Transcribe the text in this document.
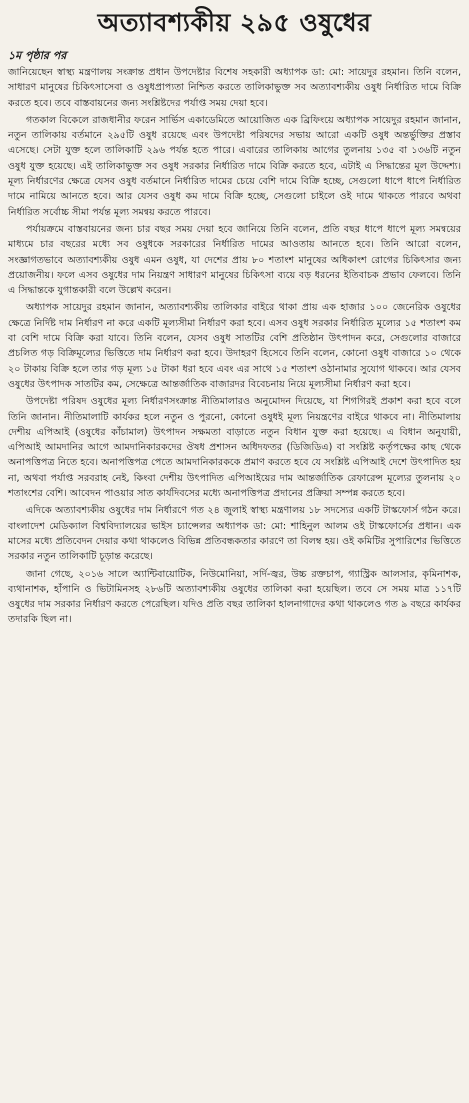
অত্যাবশ্যকীয় ২৯৫ ওষুধের
১ম পৃষ্ঠার পর

জানিয়েছেন স্বাস্থ্য মন্ত্রণালয় সংক্রান্ত প্রধান উপদেষ্টার বিশেষ সহকারী অধ্যাপক ডা: মো: সায়েদুর রহমান। তিনি বলেন, সাধারণ মানুষের চিকিৎসাসেবা ও ওষুধপ্রাপ্যতা নিশ্চিত করতে তালিকাভুক্ত সব অত্যাবশ্যকীয় ওষুধ নির্ধারিত দামে বিক্রি করতে হবে। তবে বাস্তবায়নের জন্য সংশ্লিষ্টদের পর্যাপ্ত সময় দেয়া হবে।

গতকাল বিকেলে রাজধানীর ফরেন সার্ভিস একাডেমিতে আয়োজিত এক ব্রিফিংয়ে অধ্যাপক সায়েদুর রহমান জানান, নতুন তালিকায় বর্তমানে ২৯৫টি ওষুধ রয়েছে এবং উপদেষ্টা পরিষদের সভায় আরো একটি ওষুধ অন্তর্ভুক্তির প্রস্তাব এসেছে। সেটা যুক্ত হলে তালিকাটি ২৯৬ পর্যন্ত হতে পারে। এবারের তালিকায় আগের তুলনায় ১৩৫ বা ১৩৬টি নতুন ওষুধ যুক্ত হয়েছে। এই তালিকাভুক্ত সব ওষুধ সরকার নির্ধারিত দামে বিক্রি করতে হবে, এটাই এ সিদ্ধান্তের মূল উদ্দেশ্য। মূল্য নির্ধারণের ক্ষেত্রে যেসব ওষুধ বর্তমানে নির্ধারিত দামের চেয়ে বেশি দামে বিক্রি হচ্ছে, সেগুলো ধাপে ধাপে নির্ধারিত দামে নামিয়ে আনতে হবে। আর যেসব ওষুধ কম দামে বিক্রি হচ্ছে, সেগুলো চাইলে ওই দামে থাকতে পারবে অথবা নির্ধারিত সর্বোচ্চ সীমা পর্যন্ত মূল্য সমন্বয় করতে পারবে।

পর্যায়ক্রমে বাস্তবায়নের জন্য চার বছর সময় দেয়া হবে জানিয়ে তিনি বলেন, প্রতি বছর ধাপে ধাপে মূল্য সমন্বয়ের মাধ্যমে চার বছরের মধ্যে সব ওষুধকে সরকারের নির্ধারিত দামের আওতায় আনতে হবে। তিনি আরো বলেন, সংজ্ঞাগতভাবে অত্যাবশ্যকীয় ওষুধ এমন ওষুধ, যা দেশের প্রায় ৮০ শতাংশ মানুষের অধিকাংশ রোগের চিকিৎসার জন্য প্রয়োজনীয়। ফলে এসব ওষুধের দাম নিয়ন্ত্রণ সাধারণ মানুষের চিকিৎসা ব্যয়ে বড় ধরনের ইতিবাচক প্রভাব ফেলবে। তিনি এ সিদ্ধান্তকে যুগান্তকারী বলে উল্লেখ করেন।

অধ্যাপক সায়েদুর রহমান জানান, অত্যাবশ্যকীয় তালিকার বাইরে থাকা প্রায় এক হাজার ১০০ জেনেরিক ওষুধের ক্ষেত্রে নির্দিষ্ট দাম নির্ধারণ না করে একটি মূল্যসীমা নির্ধারণ করা হবে। এসব ওষুধ সরকার নির্ধারিত মূল্যের ১৫ শতাংশ কম বা বেশি দামে বিক্রি করা যাবে। তিনি বলেন, যেসব ওষুধ সাতটির বেশি প্রতিষ্ঠান উৎপাদন করে, সেগুলোর বাজারে প্রচলিত গড় বিক্রিমূল্যের ভিত্তিতে দাম নির্ধারণ করা হবে। উদাহরণ হিসেবে তিনি বলেন, কোনো ওষুধ বাজারে ১০ থেকে ২০ টাকায় বিক্রি হলে তার গড় মূল্য ১৫ টাকা ধরা হবে এবং এর সাথে ১৫ শতাংশ ওঠানামার সুযোগ থাকবে। আর যেসব ওষুধের উৎপাদক সাতটির কম, সেক্ষেত্রে আন্তর্জাতিক বাজারদর বিবেচনায় নিয়ে মূল্যসীমা নির্ধারণ করা হবে।

উপদেষ্টা পরিষদ ওষুধের মূল্য নির্ধারণসংক্রান্ত নীতিমালারও অনুমোদন দিয়েছে, যা শিগগিরই প্রকাশ করা হবে বলে তিনি জানান। নীতিমালাটি কার্যকর হলে নতুন ও পুরনো, কোনো ওষুধই মূল্য নিয়ন্ত্রণের বাইরে থাকবে না। নীতিমালায় দেশীয় এপিআই (ওষুধের কাঁচামাল) উৎপাদন সক্ষমতা বাড়াতে নতুন বিধান যুক্ত করা হয়েছে। এ বিধান অনুযায়ী, এপিআই আমদানির আগে আমদানিকারকদের ঔষধ প্রশাসন অধিদফতর (ডিজিডিএ) বা সংশ্লিষ্ট কর্তৃপক্ষের কাছ থেকে অনাপত্তিপত্র নিতে হবে। অনাপত্তিপত্র পেতে আমদানিকারককে প্রমাণ করতে হবে যে সংশ্লিষ্ট এপিআই দেশে উৎপাদিত হয় না, অথবা পর্যাপ্ত সরবরাহ নেই, কিংবা দেশীয় উৎপাদিত এপিআইয়ের দাম আন্তর্জাতিক রেফারেন্স মূল্যের তুলনায় ২০ শতাংশের বেশি। আবেদন পাওয়ার সাত কার্যদিবসের মধ্যে অনাপত্তিপত্র প্রদানের প্রক্রিয়া সম্পন্ন করতে হবে।

এদিকে অত্যাবশ্যকীয় ওষুধের দাম নির্ধারণে গত ২৪ জুলাই স্বাস্থ্য মন্ত্রণালয় ১৮ সদস্যের একটি টাস্কফোর্স গঠন করে। বাংলাদেশ মেডিক্যাল বিশ্ববিদ্যালয়ের ভাইস চ্যান্সেলর অধ্যাপক ডা: মো: শাহিনুল আলম ওই টাস্কফোর্সের প্রধান। এক মাসের মধ্যে প্রতিবেদন দেয়ার কথা থাকলেও বিভিন্ন প্রতিবন্ধকতার কারণে তা বিলম্ব হয়। ওই কমিটির সুপারিশের ভিত্তিতে সরকার নতুন তালিকাটি চূড়ান্ত করেছে।

জানা গেছে, ২০১৬ সালে অ্যান্টিবায়োটিক, নিউমোনিয়া, সর্দি-জ্বর, উচ্চ রক্তচাপ, গ্যাস্ট্রিক আলসার, কৃমিনাশক, ব্যথানাশক, হাঁপানি ও ভিটামিনসহ ২৮৬টি অত্যাবশ্যকীয় ওষুধের তালিকা করা হয়েছিল। তবে সে সময় মাত্র ১১৭টি ওষুধের দাম সরকার নির্ধারণ করতে পেরেছিল। যদিও প্রতি বছর তালিকা হালনাগাদের কথা থাকলেও গত ৯ বছরে কার্যকর তদারকি ছিল না।
